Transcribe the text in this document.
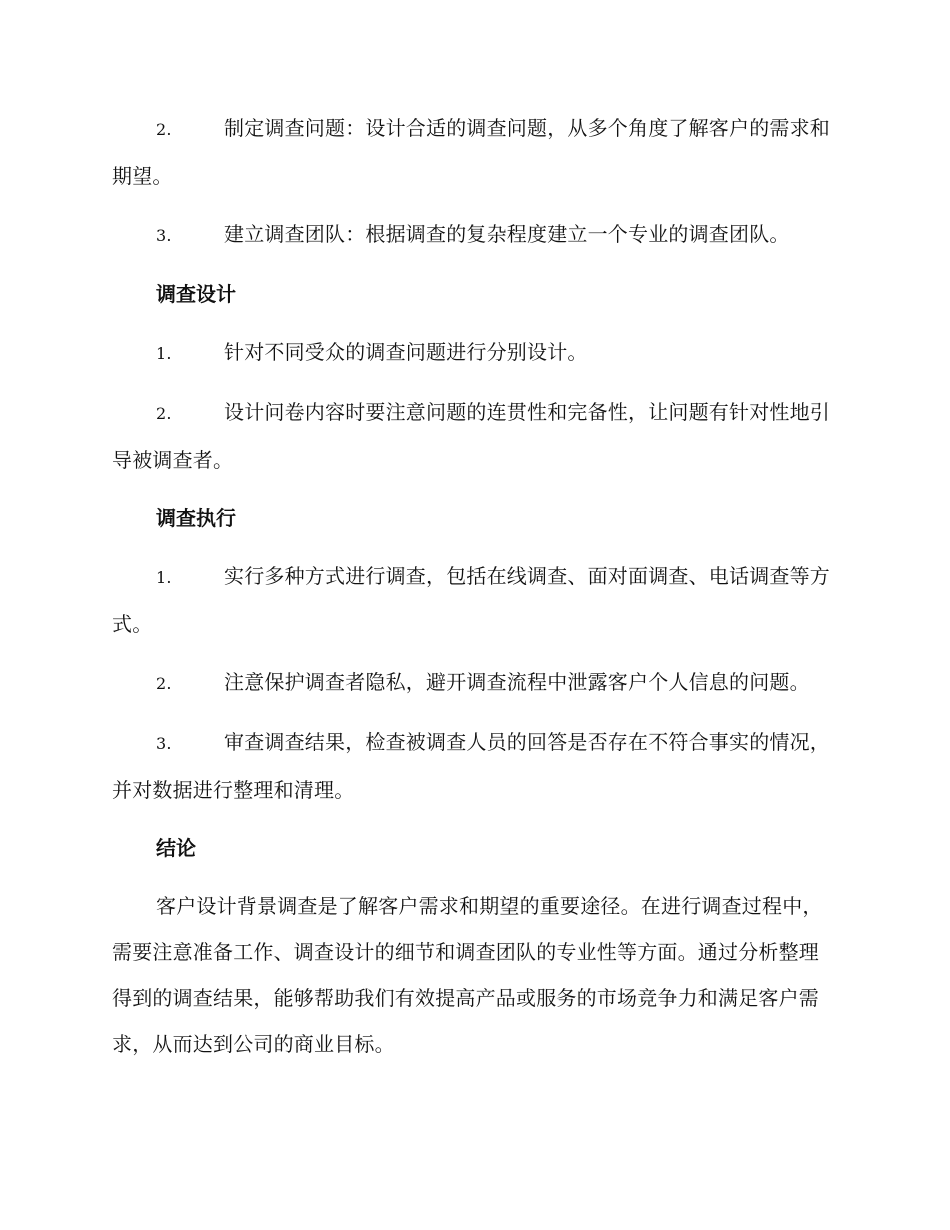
2.	制定调查问题：设计合适的调查问题，从多个角度了解客户的需求和期望。
3.	建立调查团队：根据调查的复杂程度建立一个专业的调查团队。
调查设计
1.	针对不同受众的调查问题进行分别设计。
2.	设计问卷内容时要注意问题的连贯性和完备性，让问题有针对性地引导被调查者。
调查执行
1.	实行多种方式进行调查，包括在线调查、面对面调查、电话调查等方式。
2.	注意保护调查者隐私，避开调查流程中泄露客户个人信息的问题。
3.	审查调查结果，检查被调查人员的回答是否存在不符合事实的情况，并对数据进行整理和清理。
结论
客户设计背景调查是了解客户需求和期望的重要途径。在进行调查过程中，需要注意准备工作、调查设计的细节和调查团队的专业性等方面。通过分析整理得到的调查结果，能够帮助我们有效提高产品或服务的市场竞争力和满足客户需求，从而达到公司的商业目标。
